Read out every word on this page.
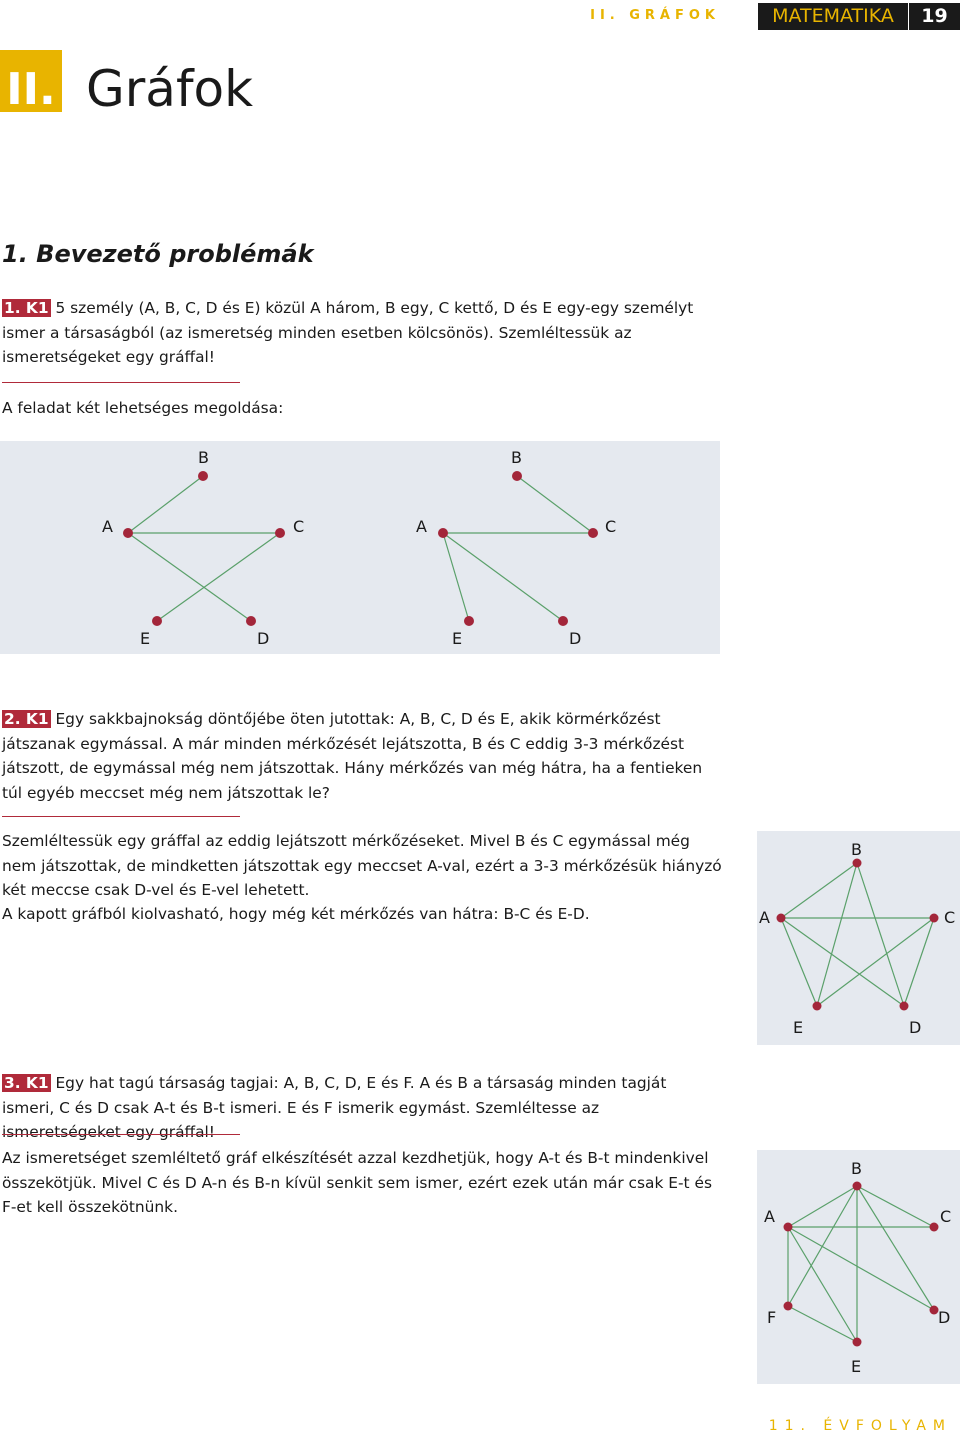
II. GRÁFOK	MATEMATIKA	19
II. Gráfok
1. Bevezető problémák
1. K1 5 személy (A, B, C, D és E) közül A három, B egy, C kettő, D és E egy-egy személyt ismer a társaságból (az ismeretség minden esetben kölcsönös). Szemléltessük az ismeretségeket egy gráffal!
A feladat két lehetséges megoldása:
A
B
C
D
E
A
B
C
D
E
2. K1 Egy sakkbajnokság döntőjébe öten jutottak: A, B, C, D és E, akik körmérkőzést játszanak egymással. A már minden mérkőzését lejátszotta, B és C eddig 3-3 mérkőzést játszott, de egymással még nem játszottak. Hány mérkőzés van még hátra, ha a fentieken túl egyéb meccset még nem játszottak le?
Szemléltessük egy gráffal az eddig lejátszott mérkőzéseket. Mivel B és C egymással még nem játszottak, de mindketten játszottak egy meccset A-val, ezért a 3-3 mérkőzésük hiányzó két meccse csak D-vel és E-vel lehetett.
A kapott gráfból kiolvasható, hogy még két mérkőzés van hátra: B-C és E-D.	A
B
C
D
E
3. K1 Egy hat tagú társaság tagjai: A, B, C, D, E és F. A és B a társaság minden tagját ismeri, C és D csak A-t és B-t ismeri. E és F ismerik egymást. Szemléltesse az ismeretségeket egy gráffal!
Az ismeretséget szemléltető gráf elkészítését azzal kezdhetjük, hogy A-t és B-t mindenkivel összekötjük. Mivel C és D A-n és B-n kívül senkit sem ismer, ezért ezek után már csak E-t és F-et kell összekötnünk.	A
B
C
D
E
F
11. ÉVFOLYAM
